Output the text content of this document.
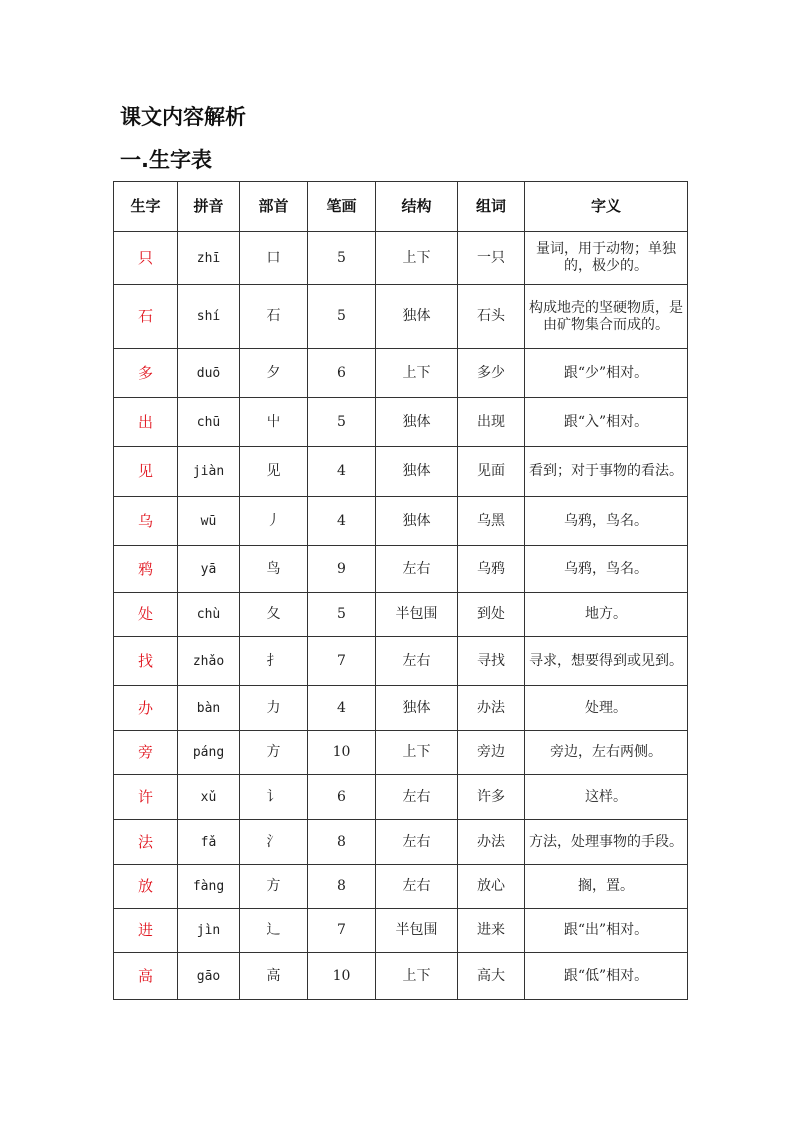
课文内容解析
一.生字表
生字	拼音	部首	笔画	结构	组词	字义
只	zhī	口	5	上下	一只	量词，用于动物；单独的，极少的。
石	shí	石	5	独体	石头	构成地壳的坚硬物质，是由矿物集合而成的。
多	duō	夕	6	上下	多少	跟“少”相对。
出	chū	屮	5	独体	出现	跟“入”相对。
见	jiàn	见	4	独体	见面	看到；对于事物的看法。
乌	wū	丿	4	独体	乌黑	乌鸦，鸟名。
鸦	yā	鸟	9	左右	乌鸦	乌鸦，鸟名。
处	chù	夂	5	半包围	到处	地方。
找	zhǎo	扌	7	左右	寻找	寻求，想要得到或见到。
办	bàn	力	4	独体	办法	处理。
旁	páng	方	10	上下	旁边	旁边，左右两侧。
许	xǔ	讠	6	左右	许多	这样。
法	fǎ	氵	8	左右	办法	方法，处理事物的手段。
放	fàng	方	8	左右	放心	搁，置。
进	jìn	辶	7	半包围	进来	跟“出”相对。
高	gāo	高	10	上下	高大	跟“低”相对。
